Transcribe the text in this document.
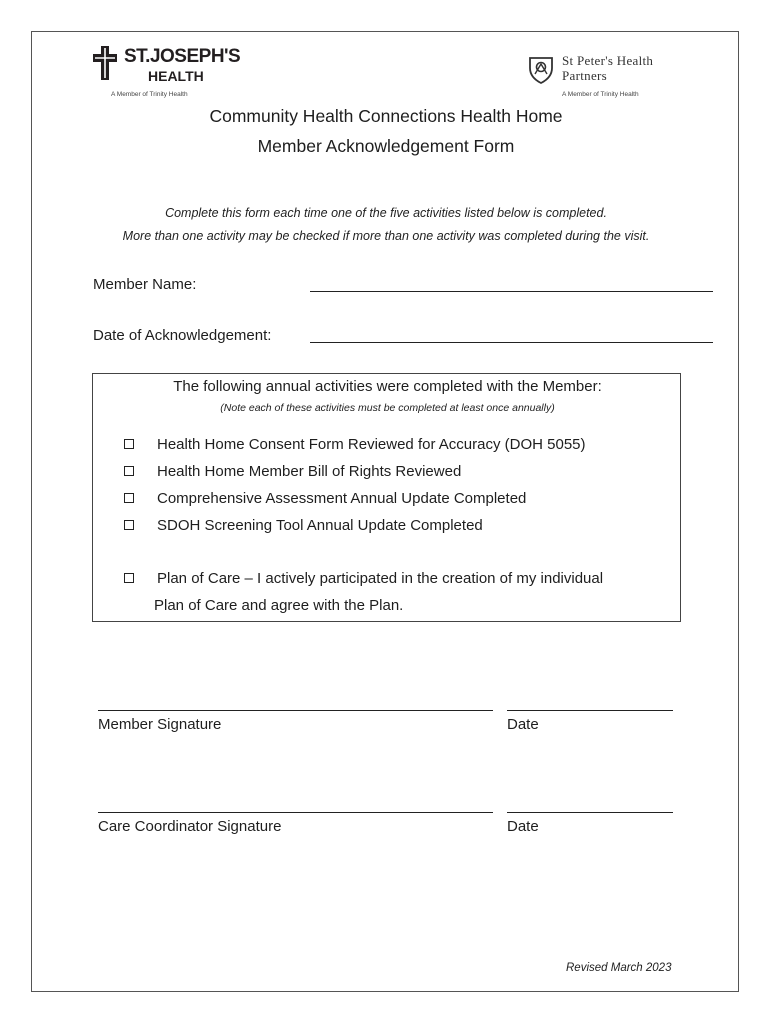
ST.JOSEPH'S
HEALTH
A Member of Trinity Health
St Peter's Health
Partners
A Member of Trinity Health
Community Health Connections Health Home
Member Acknowledgement Form
Complete this form each time one of the five activities listed below is completed.
More than one activity may be checked if more than one activity was completed during the visit.
Member Name:
Date of Acknowledgement:
The following annual activities were completed with the Member:
(Note each of these activities must be completed at least once annually)
Health Home Consent Form Reviewed for Accuracy (DOH 5055)
Health Home Member Bill of Rights Reviewed
Comprehensive Assessment Annual Update Completed
SDOH Screening Tool Annual Update Completed
Plan of Care – I actively participated in the creation of my individual
Plan of Care and agree with the Plan.
Member Signature	Date
Care Coordinator Signature	Date
Revised March 2023
